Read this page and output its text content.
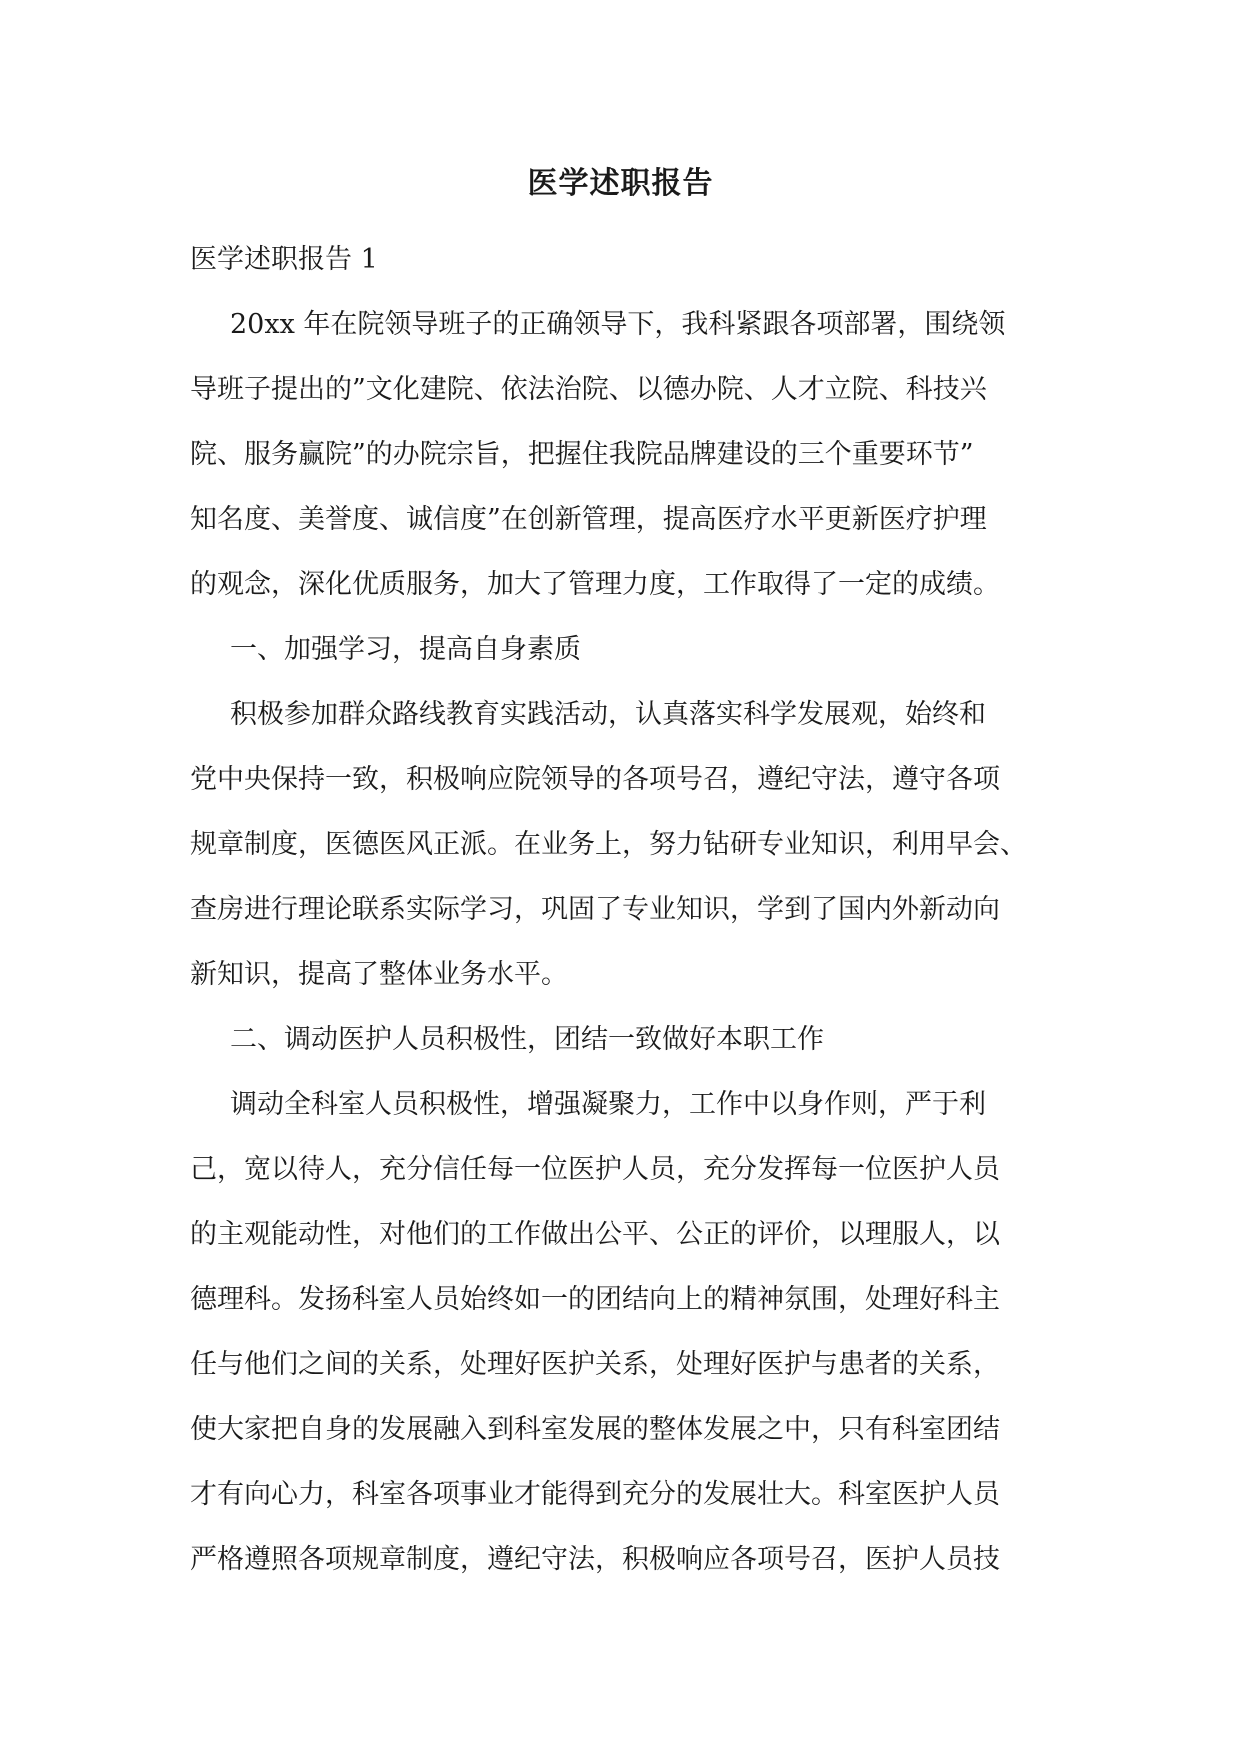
医学述职报告
医学述职报告 1
20xx 年在院领导班子的正确领导下，我科紧跟各项部署，围绕领
导班子提出的”文化建院、依法治院、以德办院、人才立院、科技兴
院、服务赢院”的办院宗旨，把握住我院品牌建设的三个重要环节”
知名度、美誉度、诚信度”在创新管理，提高医疗水平更新医疗护理
的观念，深化优质服务，加大了管理力度，工作取得了一定的成绩。
一、加强学习，提高自身素质
积极参加群众路线教育实践活动，认真落实科学发展观，始终和
党中央保持一致，积极响应院领导的各项号召，遵纪守法，遵守各项
规章制度，医德医风正派。在业务上，努力钻研专业知识，利用早会、
查房进行理论联系实际学习，巩固了专业知识，学到了国内外新动向
新知识，提高了整体业务水平。
二、调动医护人员积极性，团结一致做好本职工作
调动全科室人员积极性，增强凝聚力，工作中以身作则，严于利
己，宽以待人，充分信任每一位医护人员，充分发挥每一位医护人员
的主观能动性，对他们的工作做出公平、公正的评价，以理服人，以
德理科。发扬科室人员始终如一的团结向上的精神氛围，处理好科主
任与他们之间的关系，处理好医护关系，处理好医护与患者的关系，
使大家把自身的发展融入到科室发展的整体发展之中，只有科室团结
才有向心力，科室各项事业才能得到充分的发展壮大。科室医护人员
严格遵照各项规章制度，遵纪守法，积极响应各项号召，医护人员技
